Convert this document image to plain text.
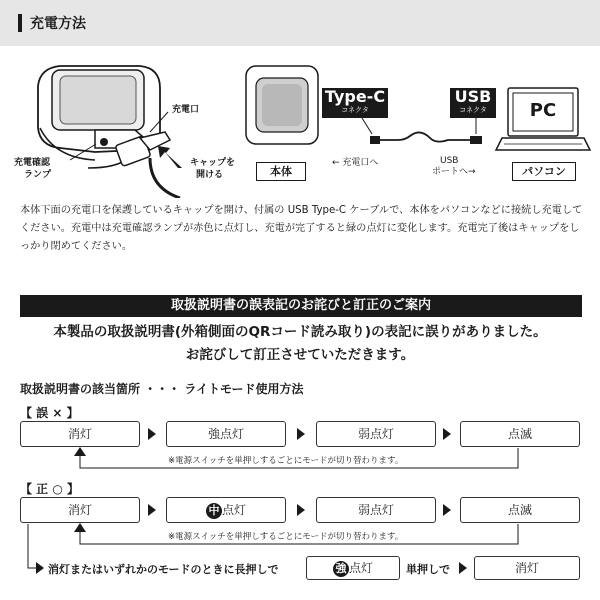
充電方法
充電口
充電確認
ランプ
キャップを
開ける	本体	パソコン
Type-C
コネクタ
USB
コネクタ	PC
← 充電口へ	USB
ポートへ→
本体下面の充電口を保護しているキャップを開け、付属の USB Type-C ケーブルで、本体をパソコンなどに接続し充電してください。充電中は充電確認ランプが赤色に点灯し、充電が完了すると緑の点灯に変化します。充電完了後はキャップをしっかり閉めてください。
取扱説明書の誤表記のお詫びと訂正のご案内
本製品の取扱説明書(外箱側面のQRコード読み取り)の表記に誤りがありました。
お詫びして訂正させていただきます。
取扱説明書の該当箇所 ・・・ ライトモード使用方法
【 誤 × 】
消灯	強点灯	弱点灯	点滅
※電源スイッチを単押しするごとにモードが切り替わります。
【 正 ○ 】
消灯	中 点灯	弱点灯	点滅
※電源スイッチを単押しするごとにモードが切り替わります。
消灯またはいずれかのモードのときに長押しで	強 点灯	単押しで	消灯
